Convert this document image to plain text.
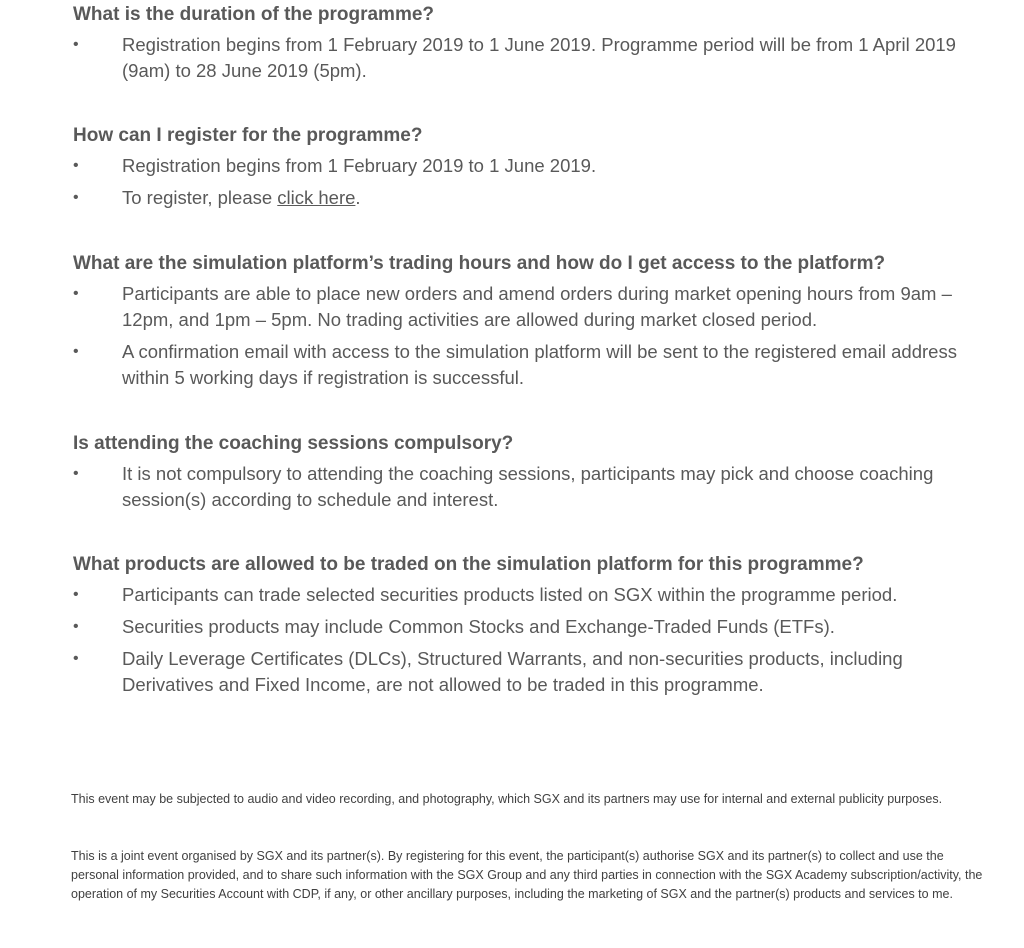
What is the duration of the programme?
• Registration begins from 1 February 2019 to 1 June 2019. Programme period will be from 1 April 2019 (9am) to 28 June 2019 (5pm).
How can I register for the programme?
• Registration begins from 1 February 2019 to 1 June 2019.
• To register, please click here.
What are the simulation platform’s trading hours and how do I get access to the platform?
• Participants are able to place new orders and amend orders during market opening hours from 9am – 12pm, and 1pm – 5pm. No trading activities are allowed during market closed period.
• A confirmation email with access to the simulation platform will be sent to the registered email address within 5 working days if registration is successful.
Is attending the coaching sessions compulsory?
• It is not compulsory to attending the coaching sessions, participants may pick and choose coaching session(s) according to schedule and interest.
What products are allowed to be traded on the simulation platform for this programme?
• Participants can trade selected securities products listed on SGX within the programme period.
• Securities products may include Common Stocks and Exchange-Traded Funds (ETFs).
• Daily Leverage Certificates (DLCs), Structured Warrants, and non-securities products, including Derivatives and Fixed Income, are not allowed to be traded in this programme.
This event may be subjected to audio and video recording, and photography, which SGX and its partners may use for internal and external publicity purposes.
This is a joint event organised by SGX and its partner(s). By registering for this event, the participant(s) authorise SGX and its partner(s) to collect and use the personal information provided, and to share such information with the SGX Group and any third parties in connection with the SGX Academy subscription/activity, the operation of my Securities Account with CDP, if any, or other ancillary purposes, including the marketing of SGX and the partner(s) products and services to me.
